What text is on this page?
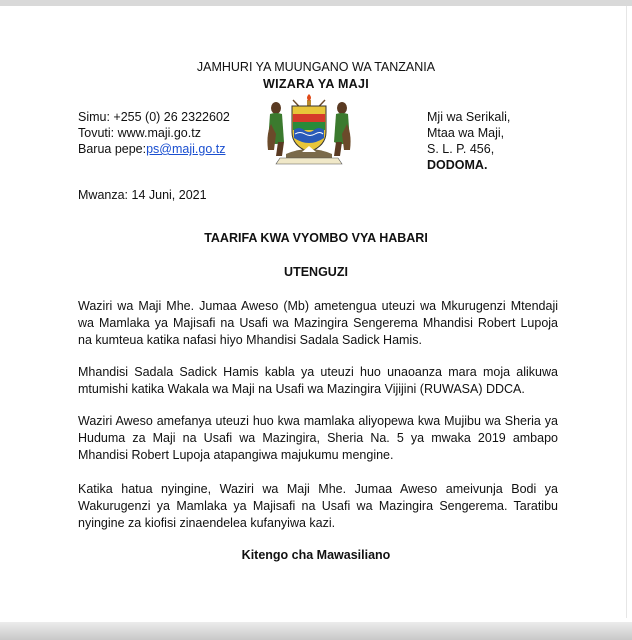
JAMHURI YA MUUNGANO WA TANZANIA
WIZARA YA MAJI
Simu: +255 (0) 26 2322602
Tovuti: www.maji.go.tz
Barua pepe:ps@maji.go.tz
Mji wa Serikali,
Mtaa wa Maji,
S. L. P. 456,
DODOMA.
Mwanza: 14 Juni, 2021
TAARIFA KWA VYOMBO VYA HABARI
UTENGUZI
Waziri wa Maji Mhe. Jumaa Aweso (Mb) ametengua uteuzi wa Mkurugenzi Mtendaji wa Mamlaka ya Majisafi na Usafi wa Mazingira Sengerema Mhandisi Robert Lupoja na kumteua katika nafasi hiyo Mhandisi Sadala Sadick Hamis.
Mhandisi Sadala Sadick Hamis kabla ya uteuzi huo unaoanza mara moja alikuwa mtumishi katika Wakala wa Maji na Usafi wa Mazingira Vijijini (RUWASA) DDCA.
Waziri Aweso amefanya uteuzi huo kwa mamlaka aliyopewa kwa Mujibu wa Sheria ya Huduma za Maji na Usafi wa Mazingira, Sheria Na. 5 ya mwaka 2019 ambapo Mhandisi Robert Lupoja atapangiwa majukumu mengine.
Katika hatua nyingine, Waziri wa Maji Mhe. Jumaa Aweso ameivunja Bodi ya Wakurugenzi ya Mamlaka ya Majisafi na Usafi wa Mazingira Sengerema. Taratibu nyingine za kiofisi zinaendelea kufanyiwa kazi.
Kitengo cha Mawasiliano
